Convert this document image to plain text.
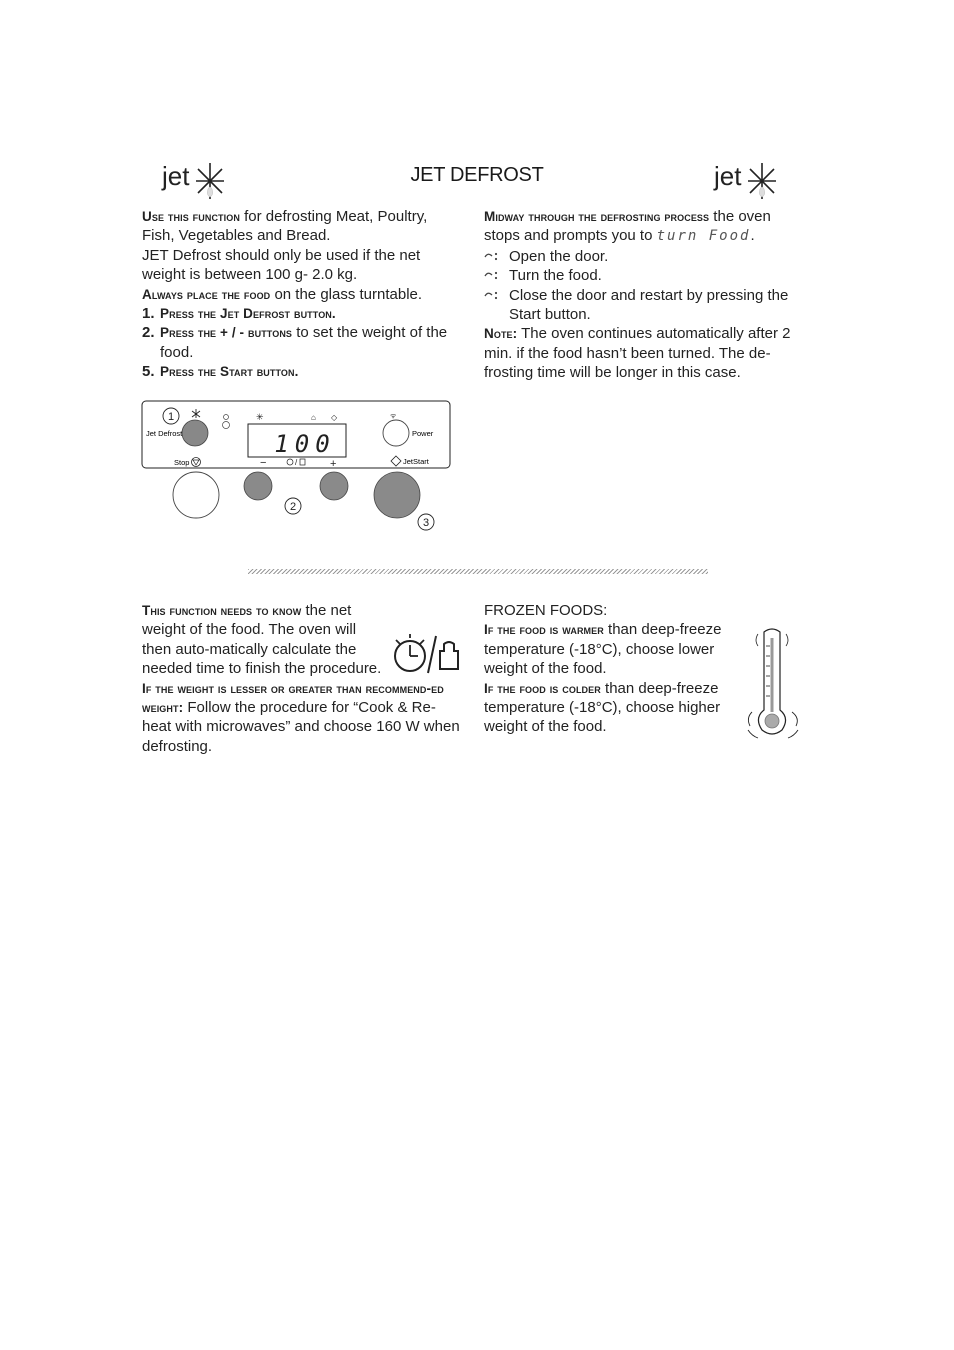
jet	jet
JET DEFROST

Use this function for defrosting Meat, Poultry, Fish, Vegetables and Bread.

JET Defrost should only be used if the net weight is between 100 g- 2.0 kg.

Always place the food on the glass turntable.

1. Press the Jet Defrost button.

2. Press the + / - buttons to set the weight of the food.

5. Press the Start button.

Midway through the defrosting process the oven stops and prompts you to turn Food.

Open the door.

Turn the food.

Close the door and restart by pressing the Start button.

Note: The oven continues automatically after 2 min. if the food hasn’t been turned. The de-frosting time will be longer in this case.

1
Jet Defrost
Stop
✳	⌂ ◇
100
−	/	+
ᯤ
Power
JetStart
2
3

This function needs to know the net weight of the food. The oven will then auto-matically calculate the needed time to finish the procedure.

If the weight is lesser or greater than recommend-ed weight: Follow the procedure for “Cook & Re-heat with microwaves” and choose 160 W when defrosting.

FROZEN FOODS:

If the food is warmer than deep-freeze temperature (-18°C), choose lower weight of the food.

If the food is colder than deep-freeze temperature (-18°C), choose higher weight of the food.
